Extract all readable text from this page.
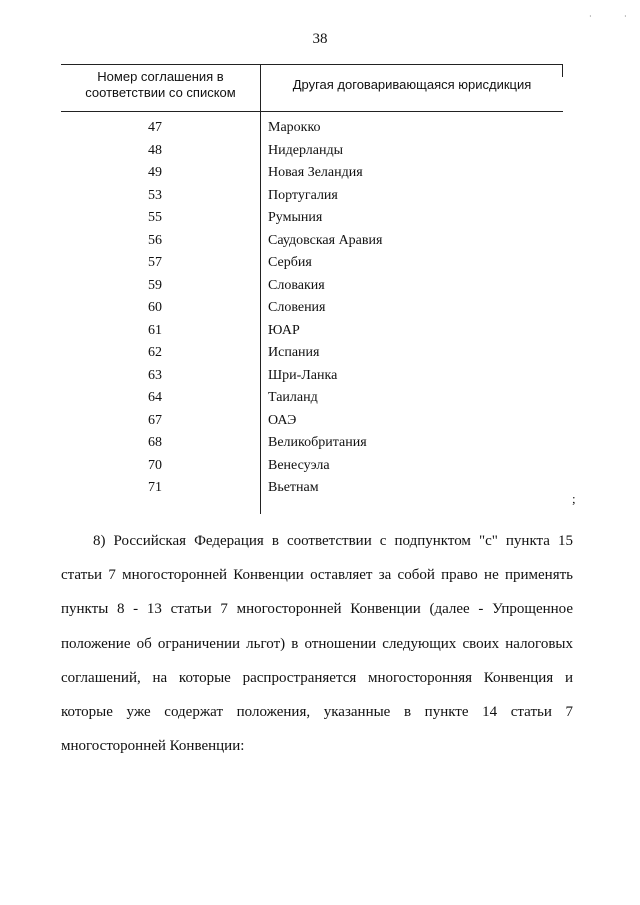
·	·
38
Номер соглашения в соответствии со списком
Другая договаривающаяся юрисдикция
47	Марокко
48	Нидерланды
49	Новая Зеландия
53	Португалия
55	Румыния
56	Саудовская Аравия
57	Сербия
59	Словакия
60	Словения
61	ЮАР
62	Испания
63	Шри-Ланка
64	Таиланд
67	ОАЭ
68	Великобритания
70	Венесуэла
71	Вьетнам
;
8) Российская Федерация в соответствии с подпунктом "c" пункта 15 статьи 7 многосторонней Конвенции оставляет за собой право не применять пункты 8 - 13 статьи 7 многосторонней Конвенции (далее - Упрощенное положение об ограничении льгот) в отношении следующих своих налоговых соглашений, на которые распространяется многосторонняя Конвенция и которые уже содержат положения, указанные в пункте 14 статьи 7 многосторонней Конвенции:
